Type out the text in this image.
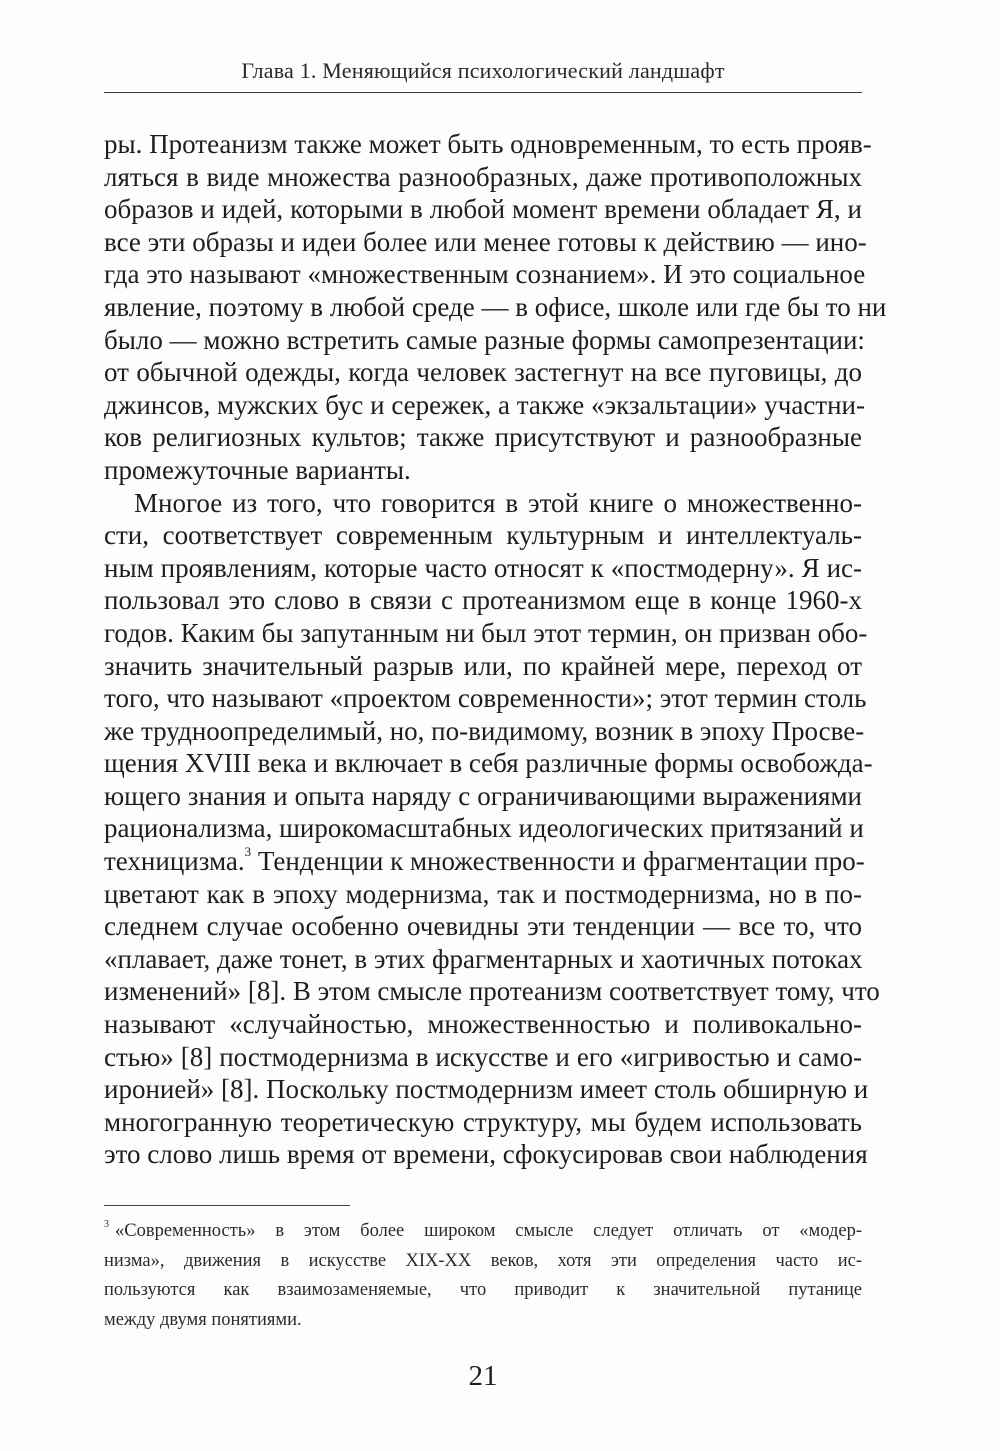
Глава 1. Меняющийся психологический ландшафт
ры. Протеанизм также может быть одновременным, то есть прояв-
ляться в виде множества разнообразных, даже противоположных
образов и идей, которыми в любой момент времени обладает Я, и
все эти образы и идеи более или менее готовы к действию — ино-
гда это называют «множественным сознанием». И это социальное
явление, поэтому в любой среде — в офисе, школе или где бы то ни
было — можно встретить самые разные формы самопрезентации:
от обычной одежды, когда человек застегнут на все пуговицы, до
джинсов, мужских бус и сережек, а также «экзальтации» участни-
ков религиозных культов; также присутствуют и разнообразные
промежуточные варианты.
Многое из того, что говорится в этой книге о множественно-
сти, соответствует современным культурным и интеллектуаль-
ным проявлениям, которые часто относят к «постмодерну». Я ис-
пользовал это слово в связи с протеанизмом еще в конце 1960-х
годов. Каким бы запутанным ни был этот термин, он призван обо-
значить значительный разрыв или, по крайней мере, переход от
того, что называют «проектом современности»; этот термин столь
же трудноопределимый, но, по-видимому, возник в эпоху Просве-
щения XVIII века и включает в себя различные формы освобожда-
ющего знания и опыта наряду с ограничивающими выражениями
рационализма, широкомасштабных идеологических притязаний и
техницизма.$^3$ Тенденции к множественности и фрагментации про-
цветают как в эпоху модернизма, так и постмодернизма, но в по-
следнем случае особенно очевидны эти тенденции — все то, что
«плавает, даже тонет, в этих фрагментарных и хаотичных потоках
изменений» [8]. В этом смысле протеанизм соответствует тому, что
называют «случайностью, множественностью и поливокально-
стью» [8] постмодернизма в искусстве и его «игривостью и само-
иронией» [8]. Поскольку постмодернизм имеет столь обширную и
многогранную теоретическую структуру, мы будем использовать
это слово лишь время от времени, сфокусировав свои наблюдения
$^3$ «Современность» в этом более широком смысле следует отличать от «модер-
низма», движения в искусстве XIX-XX веков, хотя эти определения часто ис-
пользуются как взаимозаменяемые, что приводит к значительной путанице
между двумя понятиями.
21
